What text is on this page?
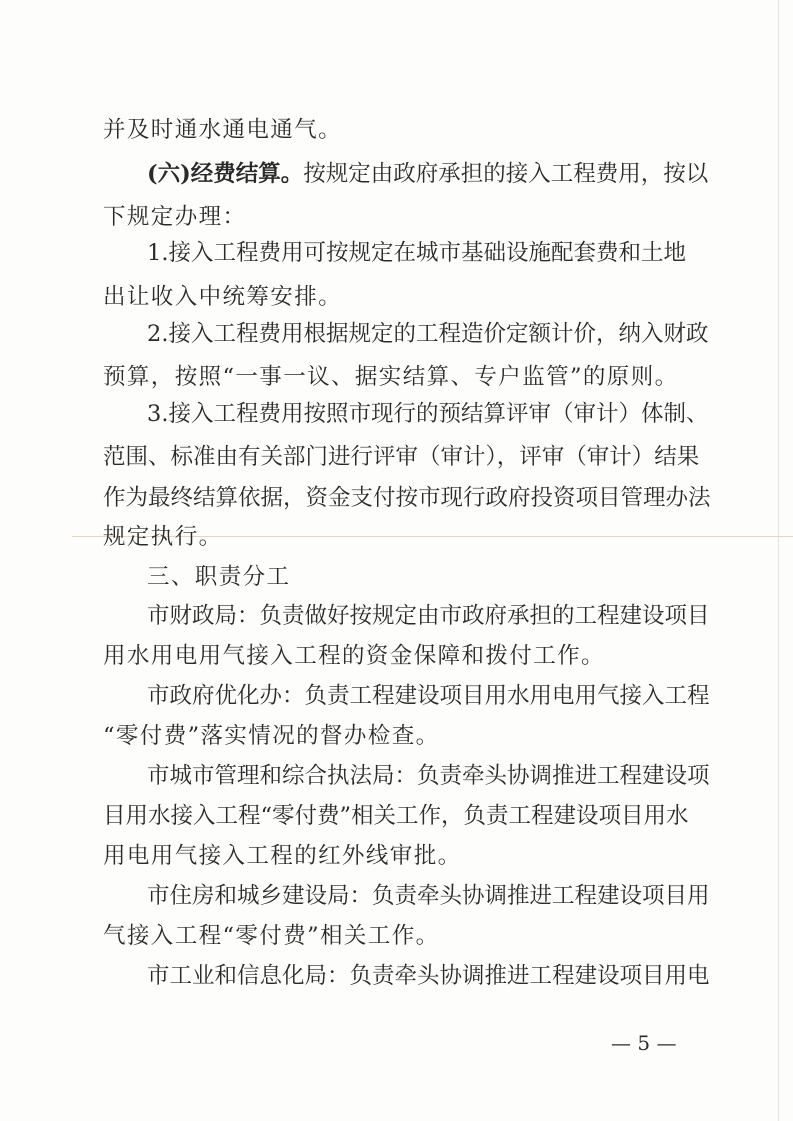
并及时通水通电通气。
(六)经费结算。按规定由政府承担的接入工程费用，按以
下规定办理：
1.接入工程费用可按规定在城市基础设施配套费和土地
出让收入中统筹安排。
2.接入工程费用根据规定的工程造价定额计价，纳入财政
预算，按照“一事一议、据实结算、专户监管”的原则。
3.接入工程费用按照市现行的预结算评审（审计）体制、
范围、标准由有关部门进行评审（审计），评审（审计）结果
作为最终结算依据，资金支付按市现行政府投资项目管理办法
规定执行。
三、职责分工
市财政局：负责做好按规定由市政府承担的工程建设项目
用水用电用气接入工程的资金保障和拨付工作。
市政府优化办：负责工程建设项目用水用电用气接入工程
“零付费”落实情况的督办检查。
市城市管理和综合执法局：负责牵头协调推进工程建设项
目用水接入工程“零付费”相关工作，负责工程建设项目用水
用电用气接入工程的红外线审批。
市住房和城乡建设局：负责牵头协调推进工程建设项目用
气接入工程“零付费”相关工作。
市工业和信息化局：负责牵头协调推进工程建设项目用电
— 5 —
